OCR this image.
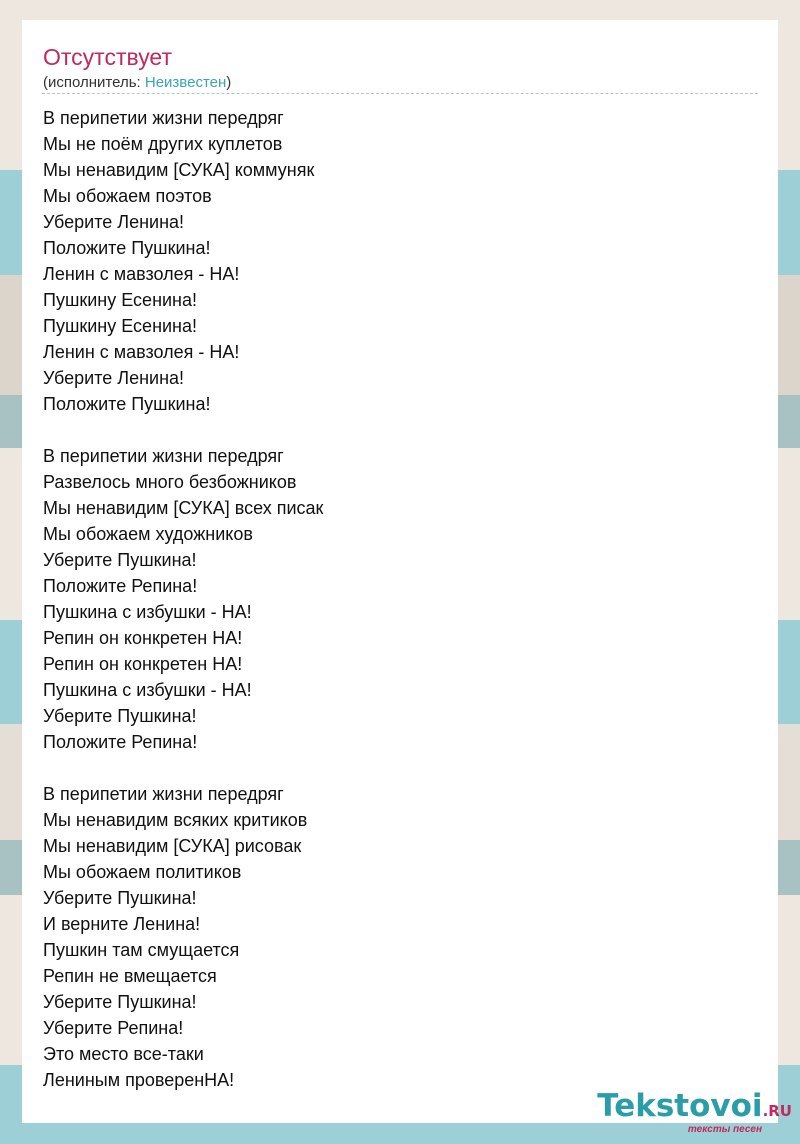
Отсутствует
(исполнитель: Неизвестен)
В перипетии жизни передряг
Мы не поём других куплетов
Мы ненавидим [СУКА] коммуняк
Мы обожаем поэтов
Уберите Ленина!
Положите Пушкина!
Ленин с мавзолея - НА!
Пушкину Есенина!
Пушкину Есенина!
Ленин с мавзолея - НА!
Уберите Ленина!
Положите Пушкина!
В перипетии жизни передряг
Развелось много безбожников
Мы ненавидим [СУКА] всех писак
Мы обожаем художников
Уберите Пушкина!
Положите Репина!
Пушкина с избушки - НА!
Репин он конкретен НА!
Репин он конкретен НА!
Пушкина с избушки - НА!
Уберите Пушкина!
Положите Репина!
В перипетии жизни передряг
Мы ненавидим всяких критиков
Мы ненавидим [СУКА] рисовак
Мы обожаем политиков
Уберите Пушкина!
И верните Ленина!
Пушкин там смущается
Репин не вмещается
Уберите Пушкина!
Уберите Репина!
Это место все-таки
Лениным проверенНА!
Tekstovoi.RU
тексты песен
